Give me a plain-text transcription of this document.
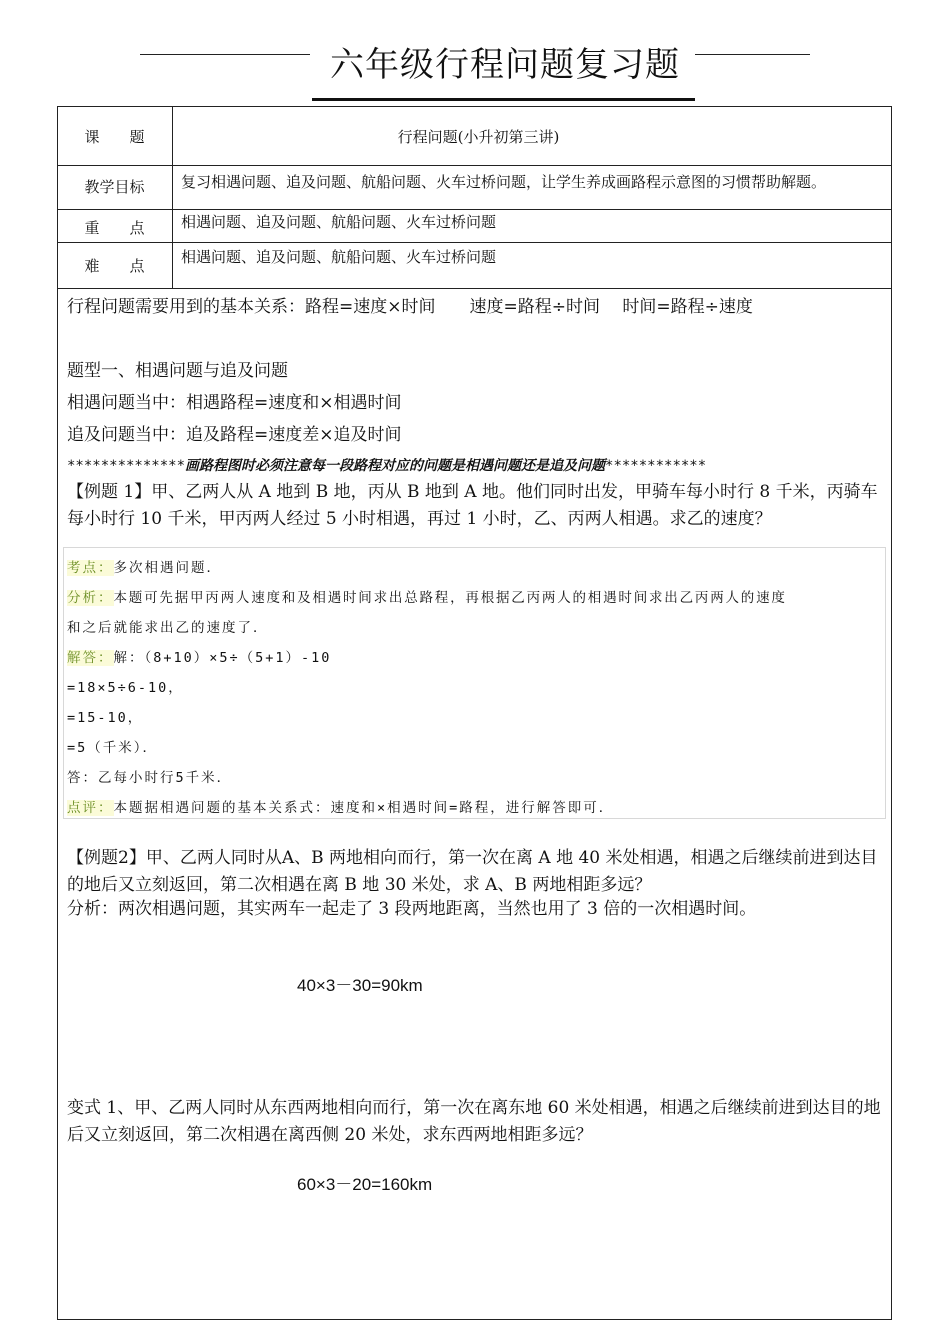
六年级行程问题复习题
课　　题	行程问题(小升初第三讲)
教学目标	复习相遇问题、追及问题、航船问题、火车过桥问题，让学生养成画路程示意图的习惯帮助解题。
重　　点	相遇问题、追及问题、航船问题、火车过桥问题
难　　点	相遇问题、追及问题、航船问题、火车过桥问题
行程问题需要用到的基本关系：路程=速度×时间　　速度=路程÷时间　 时间=路程÷速度
题型一、相遇问题与追及问题
相遇问题当中：相遇路程=速度和×相遇时间
追及问题当中：追及路程=速度差×追及时间
**************画路程图时必须注意每一段路程对应的问题是相遇问题还是追及问题************
【例题 1】甲、乙两人从 A 地到 B 地，丙从 B 地到 A 地。他们同时出发，甲骑车每小时行 8 千米，丙骑车每小时行 10 千米，甲丙两人经过 5 小时相遇，再过 1 小时，乙、丙两人相遇。求乙的速度？
考点：多次相遇问题．
分析：本题可先据甲丙两人速度和及相遇时间求出总路程，再根据乙丙两人的相遇时间求出乙丙两人的速度
和之后就能求出乙的速度了．
解答：解：（8+10）×5÷（5+1）-10
=18×5÷6-10，
=15-10，
=5（千米）．
答：乙每小时行5千米．
点评：本题据相遇问题的基本关系式：速度和×相遇时间=路程，进行解答即可．
【例题2】甲、乙两人同时从A、B 两地相向而行，第一次在离 A 地 40 米处相遇，相遇之后继续前进到达目的地后又立刻返回，第二次相遇在离 B 地 30 米处，求 A、B 两地相距多远？
分析：两次相遇问题，其实两车一起走了 3 段两地距离，当然也用了 3 倍的一次相遇时间。
40×3－30=90km
变式 1、甲、乙两人同时从东西两地相向而行，第一次在离东地 60 米处相遇，相遇之后继续前进到达目的地后又立刻返回，第二次相遇在离西侧 20 米处，求东西两地相距多远？
60×3－20=160km
